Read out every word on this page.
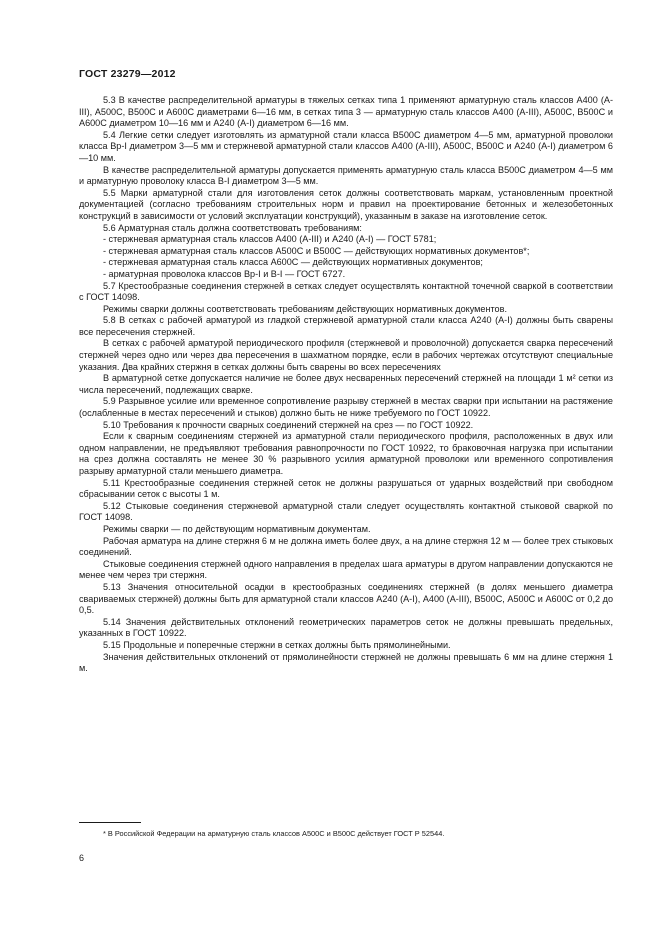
ГОСТ 23279—2012

5.3 В качестве распределительной арматуры в тяжелых сетках типа 1 применяют арматурную сталь классов А400 (А-III), А500С, В500С и А600С диаметрами 6—16 мм, в сетках типа 3 — арматурную сталь классов А400 (А-III), А500С, В500С и А600С диаметром 10—16 мм и А240 (А-I) диаметром 6—16 мм.

5.4 Легкие сетки следует изготовлять из арматурной стали класса В500С диаметром 4—5 мм, арматурной проволоки класса Вр-I диаметром 3—5 мм и стержневой арматурной стали классов А400 (А-III), А500С, В500С и А240 (А-I) диаметром 6—10 мм.

В качестве распределительной арматуры допускается применять арматурную сталь класса В500С диаметром 4—5 мм и арматурную проволоку класса В-I диаметром 3—5 мм.

5.5 Марки арматурной стали для изготовления сеток должны соответствовать маркам, установленным проектной документацией (согласно требованиям строительных норм и правил на проектирование бетонных и железобетонных конструкций в зависимости от условий эксплуатации конструкций), указанным в заказе на изготовление сеток.

5.6 Арматурная сталь должна соответствовать требованиям:

- стержневая арматурная сталь классов А400 (А-III) и А240 (А-I) — ГОСТ 5781;

- стержневая арматурная сталь классов А500С и В500С — действующих нормативных документов*;

- стержневая арматурная сталь класса А600С — действующих нормативных документов;

- арматурная проволока классов Вр-I и В-I — ГОСТ 6727.

5.7 Крестообразные соединения стержней в сетках следует осуществлять контактной точечной сваркой в соответствии с ГОСТ 14098.

Режимы сварки должны соответствовать требованиям действующих нормативных документов.

5.8 В сетках с рабочей арматурой из гладкой стержневой арматурной стали класса А240 (А-I) должны быть сварены все пересечения стержней.

В сетках с рабочей арматурой периодического профиля (стержневой и проволочной) допускается сварка пересечений стержней через одно или через два пересечения в шахматном порядке, если в рабочих чертежах отсутствуют специальные указания. Два крайних стержня в сетках должны быть сварены во всех пересечениях

В арматурной сетке допускается наличие не более двух несваренных пересечений стержней на площади 1 м² сетки из числа пересечений, подлежащих сварке.

5.9 Разрывное усилие или временное сопротивление разрыву стержней в местах сварки при испытании на растяжение (ослабленные в местах пересечений и стыков) должно быть не ниже требуемого по ГОСТ 10922.

5.10 Требования к прочности сварных соединений стержней на срез — по ГОСТ 10922.

Если к сварным соединениям стержней из арматурной стали периодического профиля, расположенных в двух или одном направлении, не предъявляют требования равнопрочности по ГОСТ 10922, то браковочная нагрузка при испытании на срез должна составлять не менее 30 % разрывного усилия арматурной проволоки или временного сопротивления разрыву арматурной стали меньшего диаметра.

5.11 Крестообразные соединения стержней сеток не должны разрушаться от ударных воздействий при свободном сбрасывании сеток с высоты 1 м.

5.12 Стыковые соединения стержневой арматурной стали следует осуществлять контактной стыковой сваркой по ГОСТ 14098.

Режимы сварки — по действующим нормативным документам.

Рабочая арматура на длине стержня 6 м не должна иметь более двух, а на длине стержня 12 м — более трех стыковых соединений.

Стыковые соединения стержней одного направления в пределах шага арматуры в другом направлении допускаются не менее чем через три стержня.

5.13 Значения относительной осадки в крестообразных соединениях стержней (в долях меньшего диаметра свариваемых стержней) должны быть для арматурной стали классов А240 (А-I), А400 (А-III), В500С, А500С и А600С от 0,2 до 0,5.

5.14 Значения действительных отклонений геометрических параметров сеток не должны превышать предельных, указанных в ГОСТ 10922.

5.15 Продольные и поперечные стержни в сетках должны быть прямолинейными.

Значения действительных отклонений от прямолинейности стержней не должны превышать 6 мм на длине стержня 1 м.

* В Российской Федерации на арматурную сталь классов А500С и В500С действует ГОСТ Р 52544.
6
